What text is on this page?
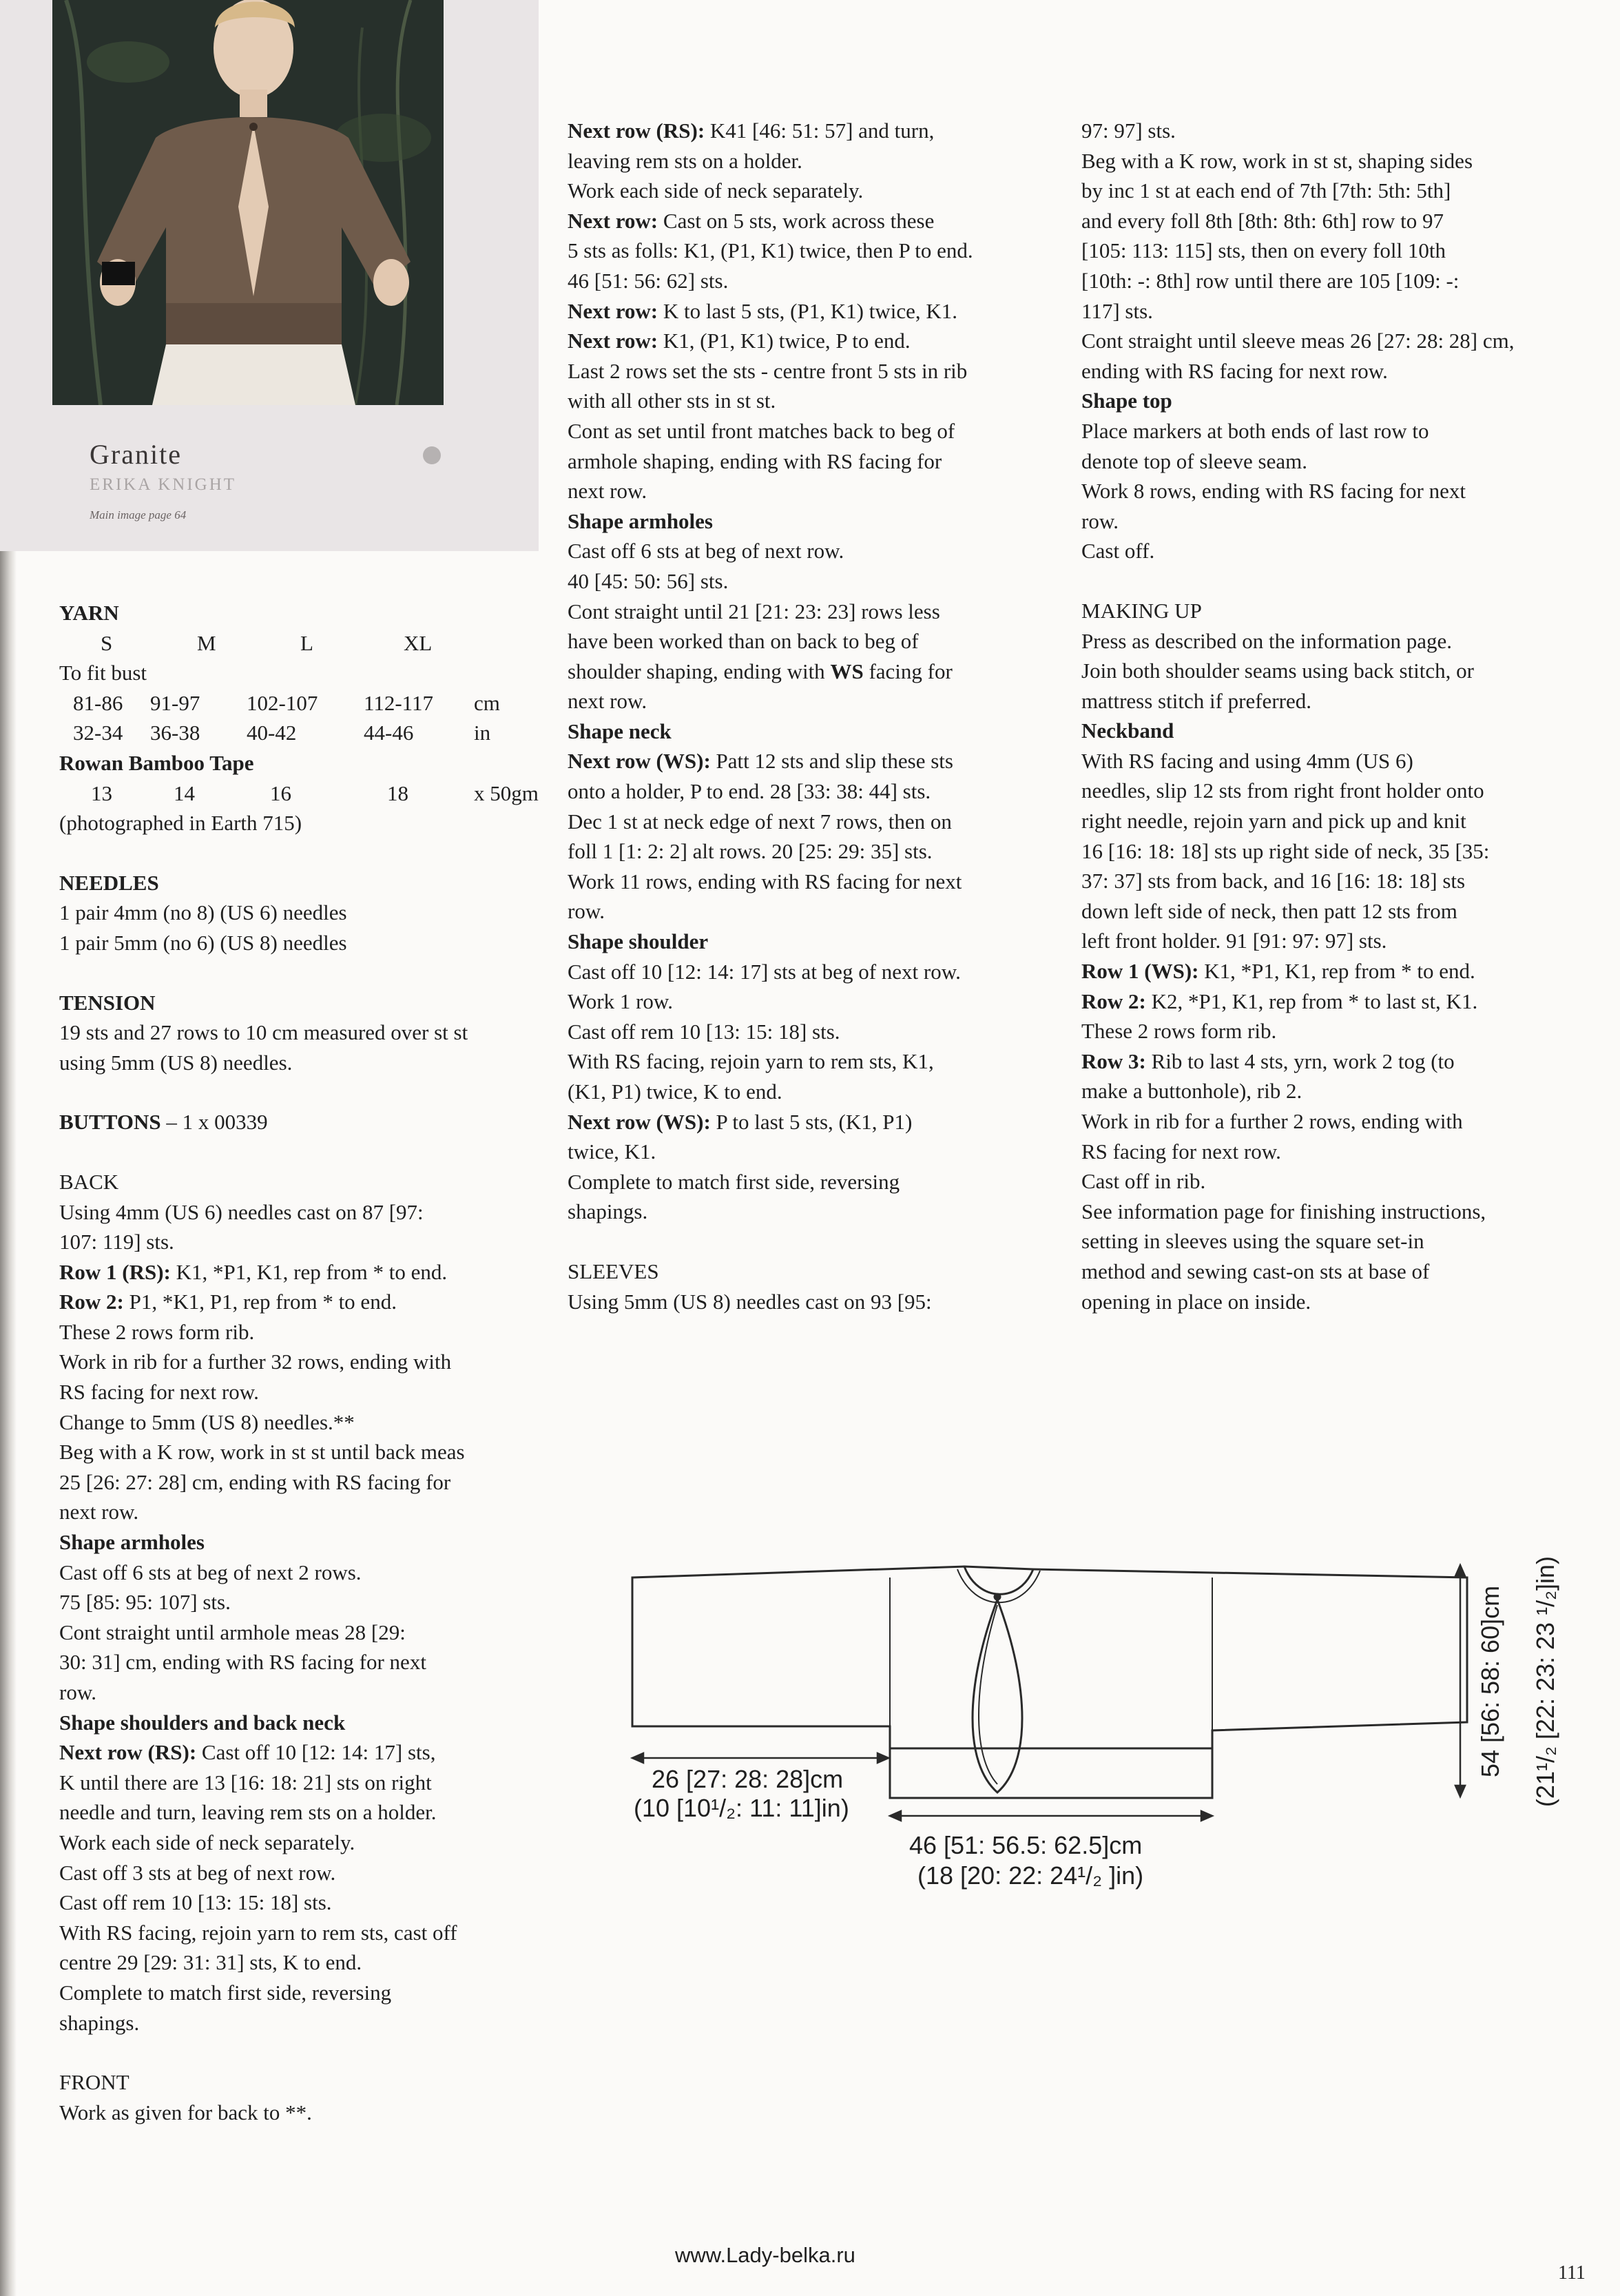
Granite
ERIKA KNIGHT
Main image page 64

YARN

S	M	L	XL

To fit bust

81-86	91-97	102-107	112-117	cm
32-34	36-38	40-42	44-46	in

Rowan Bamboo Tape

13	14	16	18	x 50gm

(photographed in Earth 715)

NEEDLES

1 pair 4mm (no 8) (US 6) needles

1 pair 5mm (no 6) (US 8) needles

TENSION

19 sts and 27 rows to 10 cm measured over st st

using 5mm (US 8) needles.

BUTTONS – 1 x 00339

BACK

Using 4mm (US 6) needles cast on 87 [97:

107: 119] sts.

Row 1 (RS): K1, *P1, K1, rep from * to end.

Row 2: P1, *K1, P1, rep from * to end.

These 2 rows form rib.

Work in rib for a further 32 rows, ending with

RS facing for next row.

Change to 5mm (US 8) needles.**

Beg with a K row, work in st st until back meas

25 [26: 27: 28] cm, ending with RS facing for

next row.

Shape armholes

Cast off 6 sts at beg of next 2 rows.

75 [85: 95: 107] sts.

Cont straight until armhole meas 28 [29:

30: 31] cm, ending with RS facing for next

row.

Shape shoulders and back neck

Next row (RS): Cast off 10 [12: 14: 17] sts,

K until there are 13 [16: 18: 21] sts on right

needle and turn, leaving rem sts on a holder.

Work each side of neck separately.

Cast off 3 sts at beg of next row.

Cast off rem 10 [13: 15: 18] sts.

With RS facing, rejoin yarn to rem sts, cast off

centre 29 [29: 31: 31] sts, K to end.

Complete to match first side, reversing

shapings.

FRONT

Work as given for back to **.

Next row (RS): K41 [46: 51: 57] and turn,

leaving rem sts on a holder.

Work each side of neck separately.

Next row: Cast on 5 sts, work across these

5 sts as folls: K1, (P1, K1) twice, then P to end.

46 [51: 56: 62] sts.

Next row: K to last 5 sts, (P1, K1) twice, K1.

Next row: K1, (P1, K1) twice, P to end.

Last 2 rows set the sts - centre front 5 sts in rib

with all other sts in st st.

Cont as set until front matches back to beg of

armhole shaping, ending with RS facing for

next row.

Shape armholes

Cast off 6 sts at beg of next row.

40 [45: 50: 56] sts.

Cont straight until 21 [21: 23: 23] rows less

have been worked than on back to beg of

shoulder shaping, ending with WS facing for

next row.

Shape neck

Next row (WS): Patt 12 sts and slip these sts

onto a holder, P to end. 28 [33: 38: 44] sts.

Dec 1 st at neck edge of next 7 rows, then on

foll 1 [1: 2: 2] alt rows. 20 [25: 29: 35] sts.

Work 11 rows, ending with RS facing for next

row.

Shape shoulder

Cast off 10 [12: 14: 17] sts at beg of next row.

Work 1 row.

Cast off rem 10 [13: 15: 18] sts.

With RS facing, rejoin yarn to rem sts, K1,

(K1, P1) twice, K to end.

Next row (WS): P to last 5 sts, (K1, P1)

twice, K1.

Complete to match first side, reversing

shapings.

SLEEVES

Using 5mm (US 8) needles cast on 93 [95:

97: 97] sts.

Beg with a K row, work in st st, shaping sides

by inc 1 st at each end of 7th [7th: 5th: 5th]

and every foll 8th [8th: 8th: 6th] row to 97

[105: 113: 115] sts, then on every foll 10th

[10th: -: 8th] row until there are 105 [109: -:

117] sts.

Cont straight until sleeve meas 26 [27: 28: 28] cm,

ending with RS facing for next row.

Shape top

Place markers at both ends of last row to

denote top of sleeve seam.

Work 8 rows, ending with RS facing for next

row.

Cast off.

MAKING UP

Press as described on the information page.

Join both shoulder seams using back stitch, or

mattress stitch if preferred.

Neckband

With RS facing and using 4mm (US 6)

needles, slip 12 sts from right front holder onto

right needle, rejoin yarn and pick up and knit

16 [16: 18: 18] sts up right side of neck, 35 [35:

37: 37] sts from back, and 16 [16: 18: 18] sts

down left side of neck, then patt 12 sts from

left front holder. 91 [91: 97: 97] sts.

Row 1 (WS): K1, *P1, K1, rep from * to end.

Row 2: K2, *P1, K1, rep from * to last st, K1.

These 2 rows form rib.

Row 3: Rib to last 4 sts, yrn, work 2 tog (to

make a buttonhole), rib 2.

Work in rib for a further 2 rows, ending with

RS facing for next row.

Cast off in rib.

See information page for finishing instructions,

setting in sleeves using the square set-in

method and sewing cast-on sts at base of

opening in place on inside.

26 [27: 28: 28]cm
(10 [10¹/₂: 11: 11]in)
46 [51: 56.5: 62.5]cm
(18 [20: 22: 24¹/₂ ]in)
54 [56: 58: 60]cm (21¹/₂ [22: 23: 23 ¹/₂]in)
www.Lady-belka.ru
111
